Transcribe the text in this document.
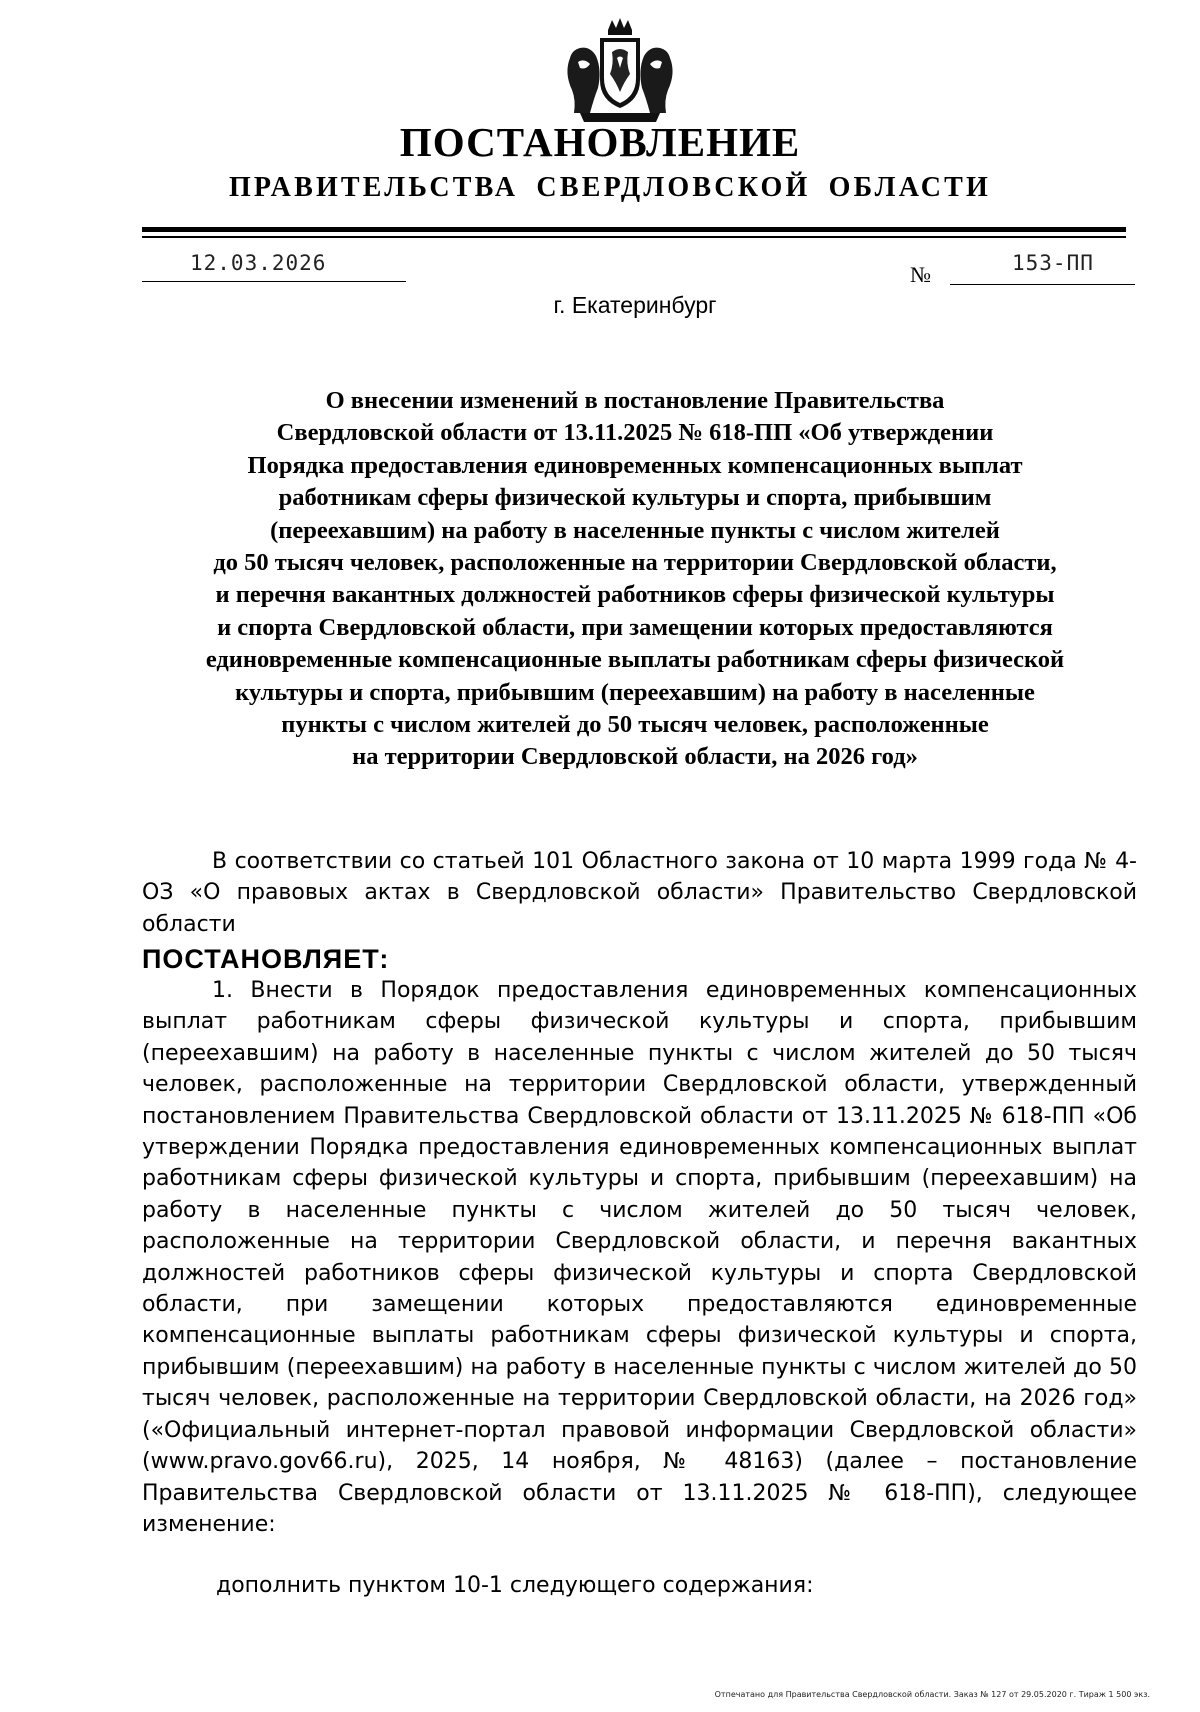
ПОСТАНОВЛЕНИЕ
ПРАВИТЕЛЬСТВА СВЕРДЛОВСКОЙ ОБЛАСТИ
12.03.2026	№	153-ПП
г. Екатеринбург
О внесении изменений в постановление Правительства
Свердловской области от 13.11.2025 № 618-ПП «Об утверждении
Порядка предоставления единовременных компенсационных выплат
работникам сферы физической культуры и спорта, прибывшим
(переехавшим) на работу в населенные пункты с числом жителей
до 50 тысяч человек, расположенные на территории Свердловской области,
и перечня вакантных должностей работников сферы физической культуры
и спорта Свердловской области, при замещении которых предоставляются
единовременные компенсационные выплаты работникам сферы физической
культуры и спорта, прибывшим (переехавшим) на работу в населенные
пункты с числом жителей до 50 тысяч человек, расположенные
на территории Свердловской области, на 2026 год»
В соответствии со статьей 101 Областного закона от 10 марта 1999 года № 4-ОЗ «О правовых актах в Свердловской области» Правительство Свердловской области
ПОСТАНОВЛЯЕТ:
1. Внести в Порядок предоставления единовременных компенсационных выплат работникам сферы физической культуры и спорта, прибывшим (переехавшим) на работу в населенные пункты с числом жителей до 50 тысяч человек, расположенные на территории Свердловской области, утвержденный постановлением Правительства Свердловской области от 13.11.2025 № 618-ПП «Об утверждении Порядка предоставления единовременных компенсационных выплат работникам сферы физической культуры и спорта, прибывшим (переехавшим) на работу в населенные пункты с числом жителей до 50 тысяч человек, расположенные на территории Свердловской области, и перечня вакантных должностей работников сферы физической культуры и спорта Свердловской области, при замещении которых предоставляются единовременные компенсационные выплаты работникам сферы физической культуры и спорта, прибывшим (переехавшим) на работу в населенные пункты с числом жителей до 50 тысяч человек, расположенные на территории Свердловской области, на 2026 год» («Официальный интернет-портал правовой информации Свердловской области» (www.pravo.gov66.ru), 2025, 14 ноября, № 48163) (далее – постановление Правительства Свердловской области от 13.11.2025 № 618-ПП), следующее изменение:
дополнить пунктом 10-1 следующего содержания:
Отпечатано для Правительства Свердловской области. Заказ № 127 от 29.05.2020 г. Тираж 1 500 экз.
